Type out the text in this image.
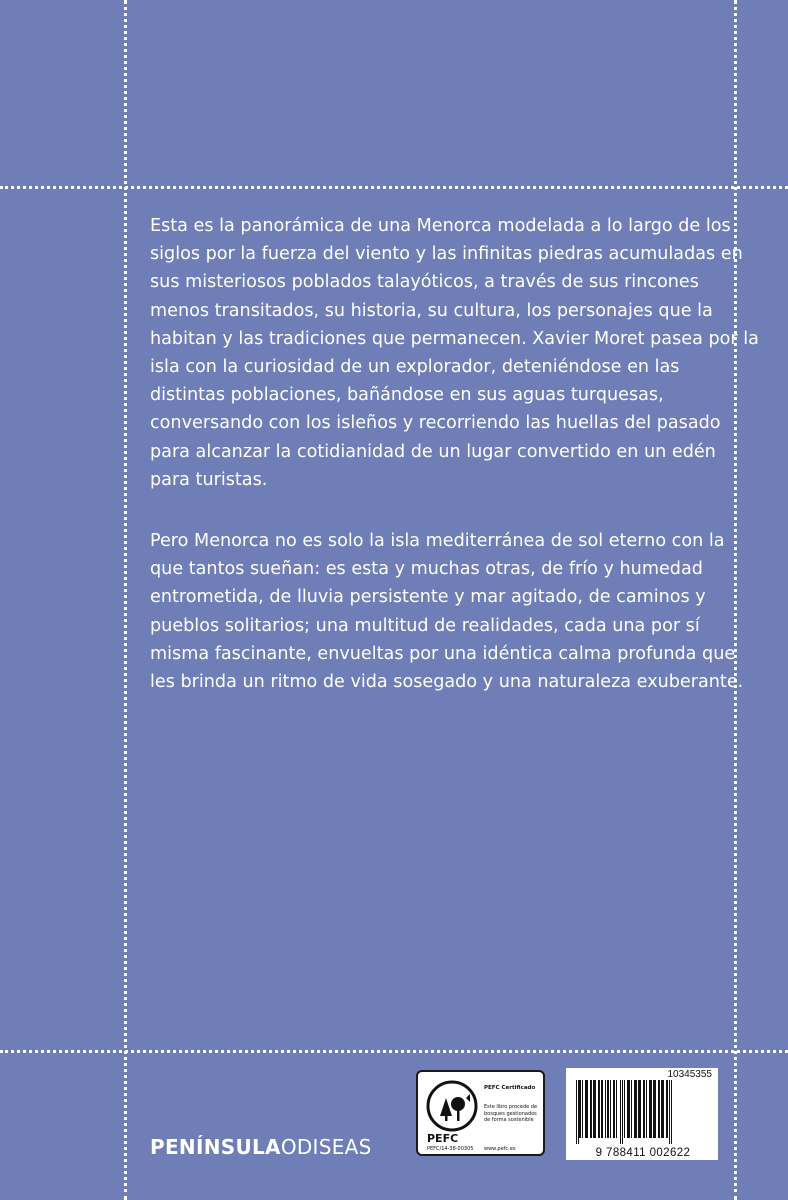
Esta es la panorámica de una Menorca modelada a lo largo de los siglos por la fuerza del viento y las infinitas piedras acumuladas en sus misteriosos poblados talayóticos, a través de sus rincones menos transitados, su historia, su cultura, los personajes que la habitan y las tradiciones que permanecen. Xavier Moret pasea por la isla con la curiosidad de un explorador, deteniéndose en las distintas poblaciones, bañándose en sus aguas turquesas, conversando con los isleños y recorriendo las huellas del pasado para alcanzar la cotidianidad de un lugar convertido en un edén para turistas.

Pero Menorca no es solo la isla mediterránea de sol eterno con la que tantos sueñan: es esta y muchas otras, de frío y humedad entrometida, de lluvia persistente y mar agitado, de caminos y pueblos solitarios; una multitud de realidades, cada una por sí misma fascinante, envueltas por una idéntica calma profunda que les brinda un ritmo de vida sosegado y una naturaleza exuberante.

PENÍNSULAODISEAS	PEFC
PEFC/14-38-00305
PEFC Certificado
Este libro procede de bosques gestionados de forma sostenible
www.pefc.es
10345355
9 788411 002622
